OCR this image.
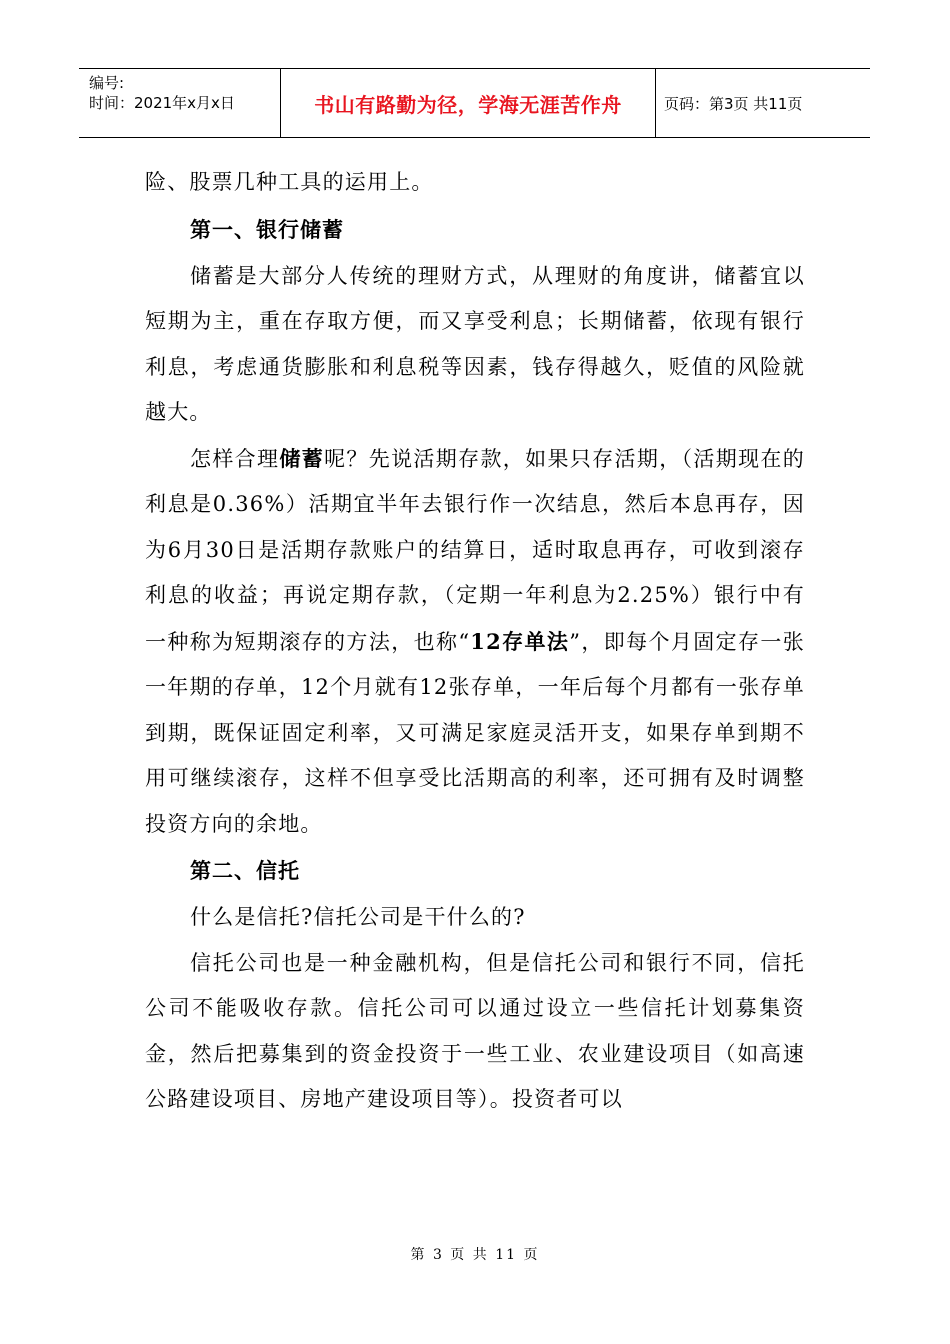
编号:
时间：2021年x月x日	书山有路勤为径，学海无涯苦作舟	页码：第3页 共11页

险、股票几种工具的运用上。

第一、银行储蓄

储蓄是大部分人传统的理财方式，从理财的角度讲，储蓄宜以短期为主，重在存取方便，而又享受利息；长期储蓄，依现有银行利息，考虑通货膨胀和利息税等因素，钱存得越久，贬值的风险就越大。

怎样合理储蓄呢？先说活期存款，如果只存活期，（活期现在的利息是0.36%）活期宜半年去银行作一次结息，然后本息再存，因为6月30日是活期存款账户的结算日，适时取息再存，可收到滚存利息的收益；再说定期存款，（定期一年利息为2.25%）银行中有一种称为短期滚存的方法，也称“12存单法”，即每个月固定存一张一年期的存单，12个月就有12张存单，一年后每个月都有一张存单到期，既保证固定利率，又可满足家庭灵活开支，如果存单到期不用可继续滚存，这样不但享受比活期高的利率，还可拥有及时调整投资方向的余地。

第二、信托

什么是信托?信托公司是干什么的?

信托公司也是一种金融机构，但是信托公司和银行不同，信托公司不能吸收存款。信托公司可以通过设立一些信托计划募集资金，然后把募集到的资金投资于一些工业、农业建设项目（如高速公路建设项目、房地产建设项目等）。投资者可以

第 3 页 共 11 页
